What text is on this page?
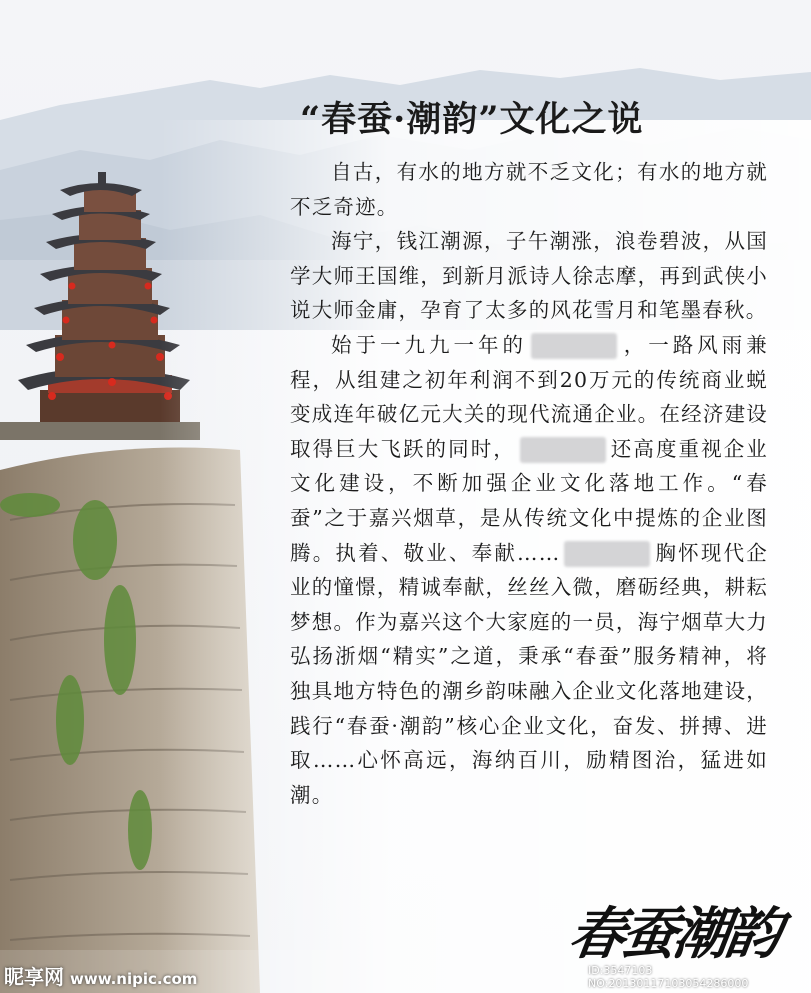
“春蚕·潮韵”文化之说

自古，有水的地方就不乏文化；有水的地方就不乏奇迹。

海宁，钱江潮源，子午潮涨，浪卷碧波，从国学大师王国维，到新月派诗人徐志摩，再到武侠小说大师金庸，孕育了太多的风花雪月和笔墨春秋。

始于一九九一年的	，一路风雨兼程，从组建之初年利润不到20万元的传统商业蜕变成连年破亿元大关的现代流通企业。在经济建设取得巨大飞跃的同时，	还高度重视企业文化建设，不断加强企业文化落地工作。“春蚕”之于嘉兴烟草，是从传统文化中提炼的企业图腾。执着、敬业、奉献……	胸怀现代企业的憧憬，精诚奉献，丝丝入微，磨砺经典，耕耘梦想。作为嘉兴这个大家庭的一员，海宁烟草大力弘扬浙烟“精实”之道，秉承“春蚕”服务精神，将独具地方特色的潮乡韵味融入企业文化落地建设，践行“春蚕·潮韵”核心企业文化，奋发、拼搏、进取……心怀高远，海纳百川，励精图治，猛进如潮。

春蚕潮韵
昵享网 www.nipic.com	ID:3547103 NO:20130117103054286000
